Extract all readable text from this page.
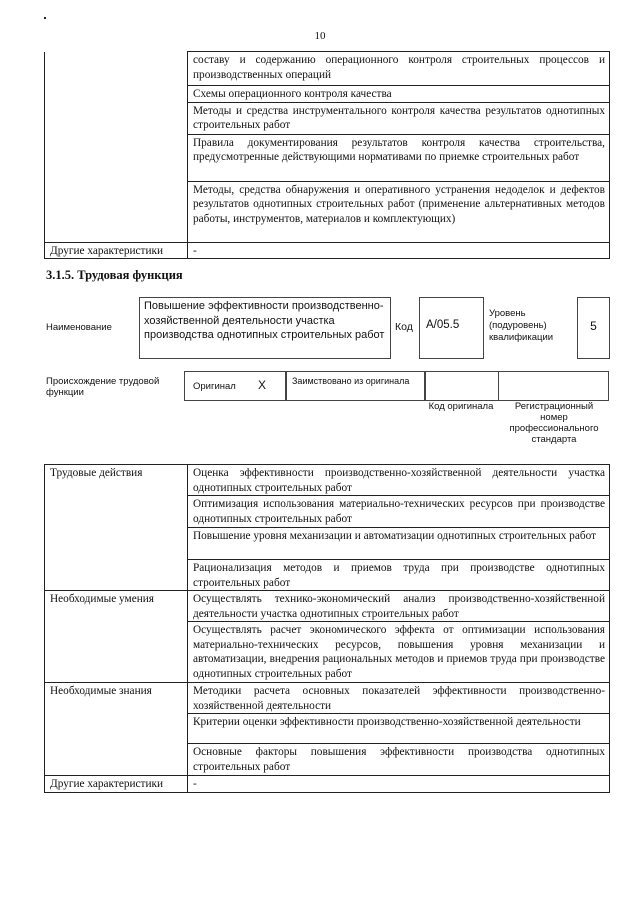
10
	составу и содержанию операционного контроля строительных процессов и производственных операций
	Схемы операционного контроля качества
	Методы и средства инструментального контроля качества результатов однотипных строительных работ
	Правила документирования результатов контроля качества строительства, предусмотренные действующими нормативами по приемке строительных работ
	Методы, средства обнаружения и оперативного устранения недоделок и дефектов результатов однотипных строительных работ (применение альтернативных методов работы, инструментов, материалов и комплектующих)
Другие характеристики	-
3.1.5. Трудовая функция
Наименование
Повышение эффективности производственно-хозяйственной деятельности участка производства однотипных строительных работ
Код	А/05.5
Уровень (подуровень) квалификации
5
Происхождение трудовой функции
Оригинал X	Заимствовано из оригинала
Код оригинала	Регистрационный номер профессионального стандарта
Трудовые действия	Оценка эффективности производственно-хозяйственной деятельности участка однотипных строительных работ
	Оптимизация использования материально-технических ресурсов при производстве однотипных строительных работ
	Повышение уровня механизации и автоматизации однотипных строительных работ
	Рационализация методов и приемов труда при производстве однотипных строительных работ
Необходимые умения	Осуществлять технико-экономический анализ производственно-хозяйственной деятельности участка однотипных строительных работ
	Осуществлять расчет экономического эффекта от оптимизации использования материально-технических ресурсов, повышения уровня механизации и автоматизации, внедрения рациональных методов и приемов труда при производстве однотипных строительных работ
Необходимые знания	Методики расчета основных показателей эффективности производственно-хозяйственной деятельности
	Критерии оценки эффективности производственно-хозяйственной деятельности
	Основные факторы повышения эффективности производства однотипных строительных работ
Другие характеристики	-
